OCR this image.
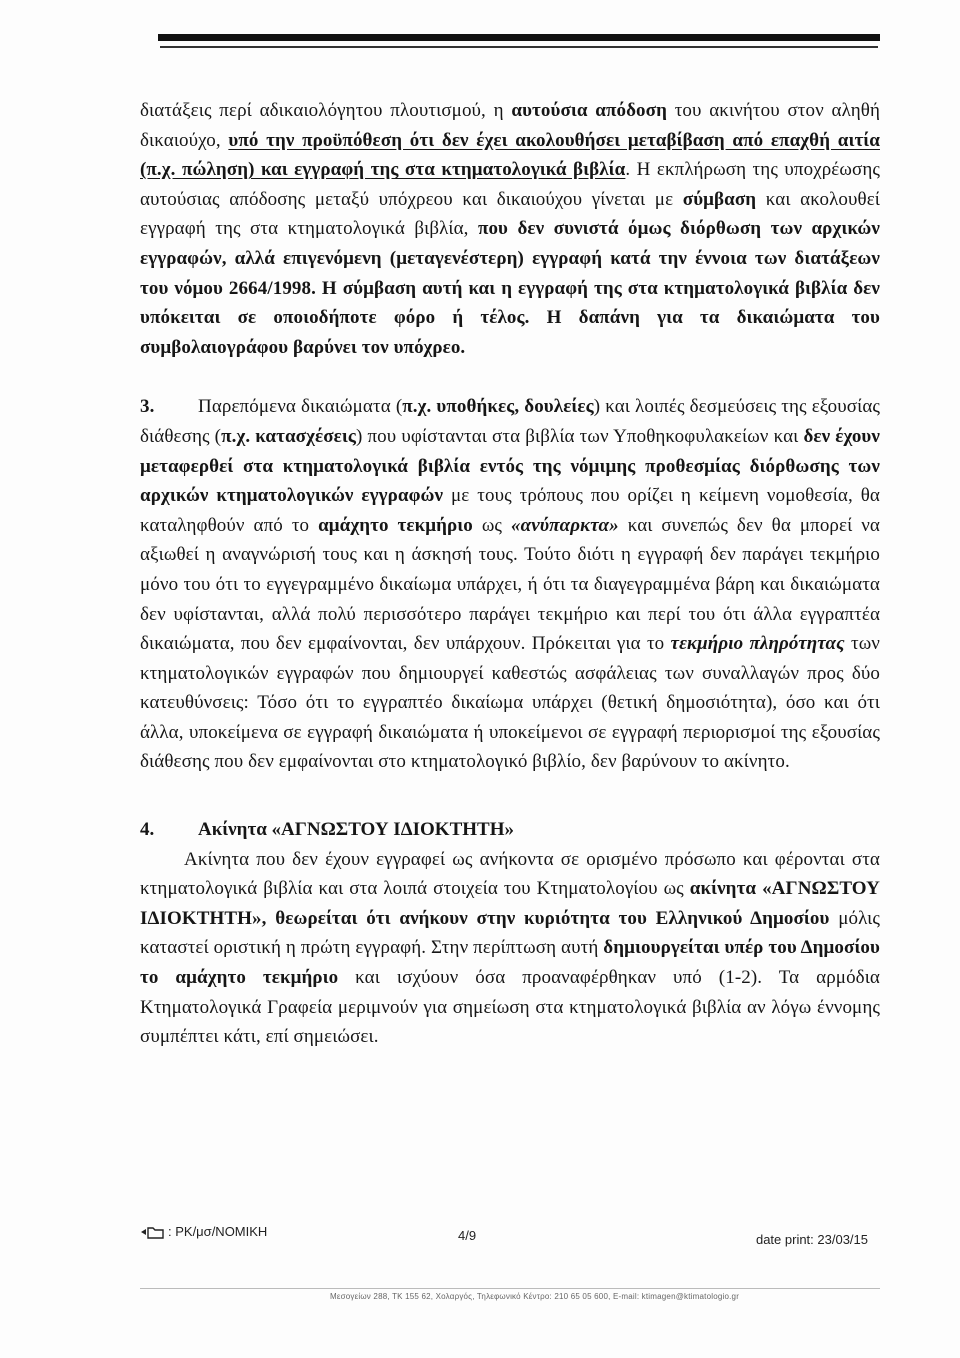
διατάξεις περί αδικαιολόγητου πλουτισμού, η αυτούσια απόδοση του ακινήτου στον αληθή δικαιούχο, υπό την προϋπόθεση ότι δεν έχει ακολουθήσει μεταβίβαση από επαχθή αιτία (π.χ. πώληση) και εγγραφή της στα κτηματολογικά βιβλία. Η εκπλήρωση της υποχρέωσης αυτούσιας απόδοσης μεταξύ υπόχρεου και δικαιούχου γίνεται με σύμβαση και ακολουθεί εγγραφή της στα κτηματολογικά βιβλία, που δεν συνιστά όμως διόρθωση των αρχικών εγγραφών, αλλά επιγενόμενη (μεταγενέστερη) εγγραφή κατά την έννοια των διατάξεων του νόμου 2664/1998. Η σύμβαση αυτή και η εγγραφή της στα κτηματολογικά βιβλία δεν υπόκειται σε οποιοδήποτε φόρο ή τέλος. Η δαπάνη για τα δικαιώματα του συμβολαιογράφου βαρύνει τον υπόχρεο.

3. Παρεπόμενα δικαιώματα (π.χ. υποθήκες, δουλείες) και λοιπές δεσμεύσεις της εξουσίας διάθεσης (π.χ. κατασχέσεις) που υφίστανται στα βιβλία των Υποθηκοφυλακείων και δεν έχουν μεταφερθεί στα κτηματολογικά βιβλία εντός της νόμιμης προθεσμίας διόρθωσης των αρχικών κτηματολογικών εγγραφών με τους τρόπους που ορίζει η κείμενη νομοθεσία, θα καταληφθούν από το αμάχητο τεκμήριο ως «ανύπαρκτα» και συνεπώς δεν θα μπορεί να αξιωθεί η αναγνώρισή τους και η άσκησή τους. Τούτο διότι η εγγραφή δεν παράγει τεκμήριο μόνο του ότι το εγγεγραμμένο δικαίωμα υπάρχει, ή ότι τα διαγεγραμμένα βάρη και δικαιώματα δεν υφίστανται, αλλά πολύ περισσότερο παράγει τεκμήριο και περί του ότι άλλα εγγραπτέα δικαιώματα, που δεν εμφαίνονται, δεν υπάρχουν. Πρόκειται για το τεκμήριο πληρότητας των κτηματολογικών εγγραφών που δημιουργεί καθεστώς ασφάλειας των συναλλαγών προς δύο κατευθύνσεις: Τόσο ότι το εγγραπτέο δικαίωμα υπάρχει (θετική δημοσιότητα), όσο και ότι άλλα, υποκείμενα σε εγγραφή δικαιώματα ή υποκείμενοι σε εγγραφή περιορισμοί της εξουσίας διάθεσης που δεν εμφαίνονται στο κτηματολογικό βιβλίο, δεν βαρύνουν το ακίνητο.

4. Ακίνητα «ΑΓΝΩΣΤΟΥ ΙΔΙΟΚΤΗΤΗ»

Ακίνητα που δεν έχουν εγγραφεί ως ανήκοντα σε ορισμένο πρόσωπο και φέρονται στα κτηματολογικά βιβλία και στα λοιπά στοιχεία του Κτηματολογίου ως ακίνητα «ΑΓΝΩΣΤΟΥ ΙΔΙΟΚΤΗΤΗ», θεωρείται ότι ανήκουν στην κυριότητα του Ελληνικού Δημοσίου μόλις καταστεί οριστική η πρώτη εγγραφή. Στην περίπτωση αυτή δημιουργείται υπέρ του Δημοσίου το αμάχητο τεκμήριο και ισχύουν όσα προαναφέρθηκαν υπό (1-2). Τα αρμόδια Κτηματολογικά Γραφεία μεριμνούν για σημείωση στα κτηματολογικά βιβλία αν λόγω έννομης συμπέπτει κάτι, επί σημειώσει.

: PK/μσ/NOMIKH	4/9	date print: 23/03/15
Μεσογείων 288, ΤΚ 155 62, Χολαργός, Τηλεφωνικό Κέντρο: 210 65 05 600, E-mail: ktimagen@ktimatologio.gr
